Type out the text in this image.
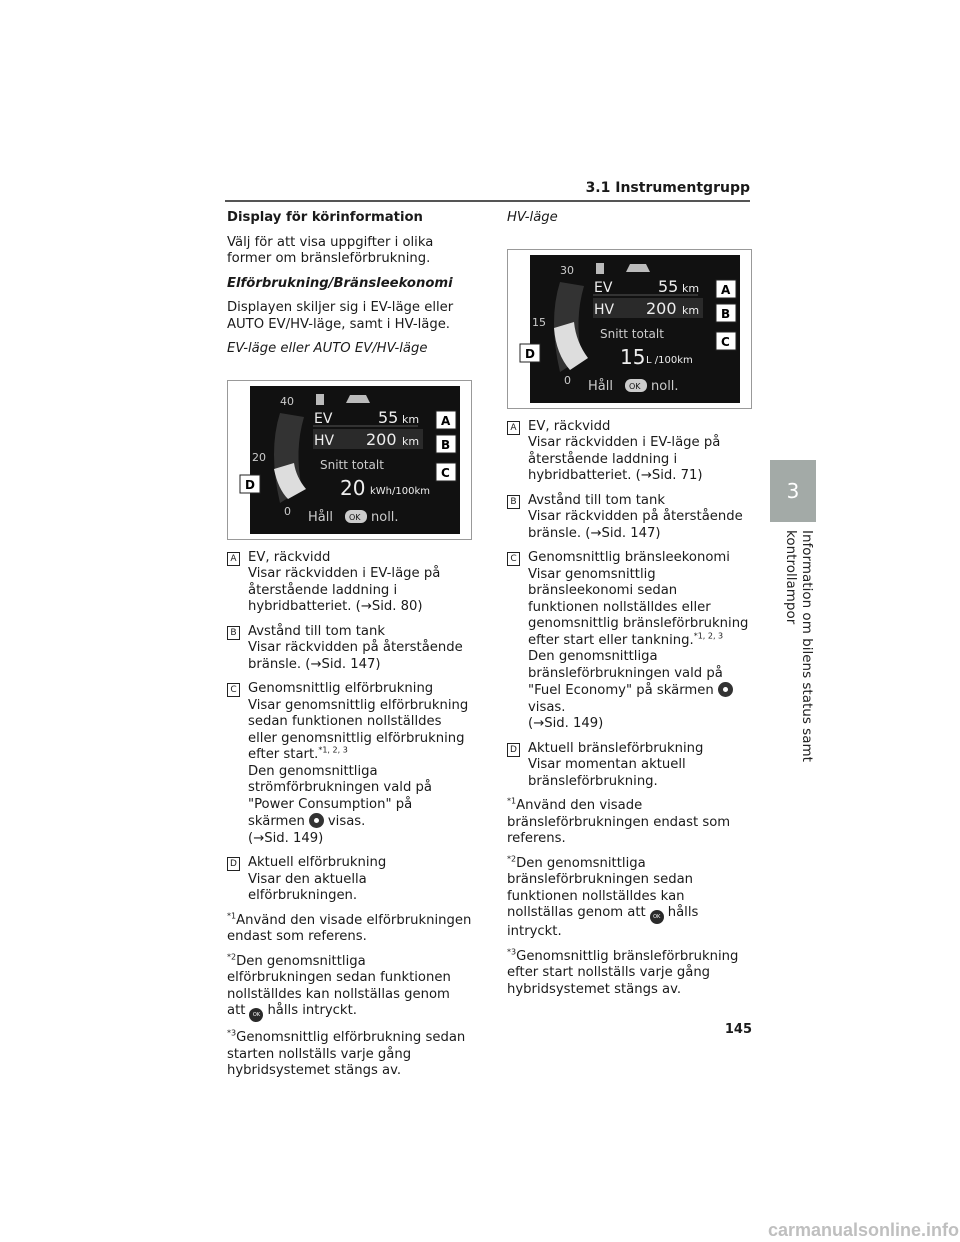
3.1 Instrumentgrupp

Display för körinformation

Välj för att visa uppgifter i olika former om bränsleförbrukning.

Elförbrukning/Bränsleekonomi

Displayen skiljer sig i EV-läge eller AUTO EV/HV-läge, samt i HV-läge.

EV-läge eller AUTO EV/HV-läge

40
20
0
EV	55 km
HV 200 km
Snitt totalt
20 kWh/100km
Håll OK noll.
A
B
C
D
A EV, räckvidd
Visar räckvidden i EV-läge på återstående laddning i hybridbatteriet. (→Sid. 80)
B Avstånd till tom tank
Visar räckvidden på återstående bränsle. (→Sid. 147)
C Genomsnittlig elförbrukning
Visar genomsnittlig elförbrukning sedan funktionen nollställdes eller genomsnittlig elförbrukning efter start.$^{*1, 2, 3}$
Den genomsnittliga strömförbrukningen vald på "Power Consumption" på skärmen visas.
(→Sid. 149)
D Aktuell elförbrukning
Visar den aktuella elförbrukningen.

$^{*1}$Använd den visade elförbrukningen endast som referens.

$^{*2}$Den genomsnittliga elförbrukningen sedan funktionen nollställdes kan nollställas genom att OK hålls intryckt.

$^{*3}$Genomsnittlig elförbrukning sedan starten nollställs varje gång hybridsystemet stängs av.

HV-läge

30
15
0
EV	55 km
HV 200 km
Snitt totalt
15 L /100km
Håll OK noll.
A
B
C
D
A EV, räckvidd
Visar räckvidden i EV-läge på återstående laddning i hybridbatteriet. (→Sid. 71)
B Avstånd till tom tank
Visar räckvidden på återstående bränsle. (→Sid. 147)
C Genomsnittlig bränsleekonomi
Visar genomsnittlig bränsleekonomi sedan funktionen nollställdes eller genomsnittlig bränsleförbrukning efter start eller tankning.$^{*1, 2, 3}$
Den genomsnittliga bränsleförbrukningen vald på "Fuel Economy" på skärmenvisas.
(→Sid. 149)
D Aktuell bränsleförbrukning
Visar momentan aktuell bränsleförbrukning.

$^{*1}$Använd den visade bränsleförbrukningen endast som referens.

$^{*2}$Den genomsnittliga bränsleförbrukningen sedan funktionen nollställdes kan nollställas genom att OK hålls intryckt.

$^{*3}$Genomsnittlig bränsleförbrukning efter start nollställs varje gång hybridsystemet stängs av.

3
Information om bilens status samt kontrollampor
145
carmanualsonline.info
